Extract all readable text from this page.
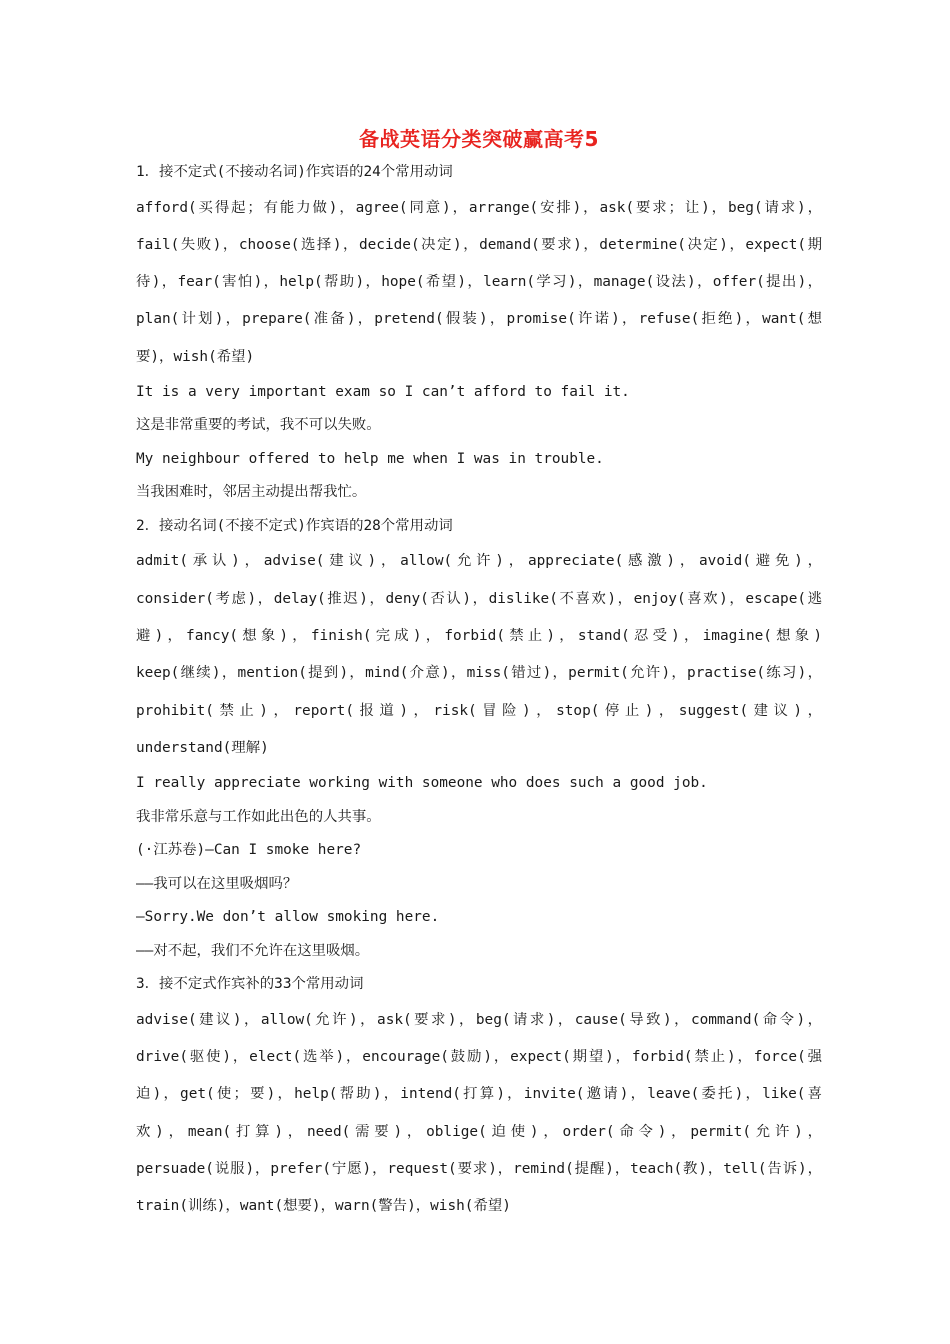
备战英语分类突破赢高考5

1．接不定式(不接动名词)作宾语的24个常用动词

afford(买得起；有能力做)，agree(同意)，arrange(安排)，ask(要求；让)，beg(请求)，

fail(失败)，choose(选择)，decide(决定)，demand(要求)，determine(决定)，expect(期

待)，fear(害怕)，help(帮助)，hope(希望)，learn(学习)，manage(设法)，offer(提出)，

plan(计划)，prepare(准备)，pretend(假装)，promise(许诺)，refuse(拒绝)，want(想

要)，wish(希望)

It is a very important exam so I can’t afford to fail it.

这是非常重要的考试，我不可以失败。

My neighbour offered to help me when I was in trouble.

当我困难时，邻居主动提出帮我忙。

2．接动名词(不接不定式)作宾语的28个常用动词

admit(承认)，advise(建议)，allow(允许)，appreciate(感激)，avoid(避免)，

consider(考虑)，delay(推迟)，deny(否认)，dislike(不喜欢)，enjoy(喜欢)，escape(逃

避)，fancy(想象)，finish(完成)，forbid(禁止)，stand(忍受)，imagine(想象)

keep(继续)，mention(提到)，mind(介意)，miss(错过)，permit(允许)，practise(练习)，

prohibit(禁止)，report(报道)，risk(冒险)，stop(停止)，suggest(建议)，

understand(理解)

I really appreciate working with someone who does such a good job.

我非常乐意与工作如此出色的人共事。

(·江苏卷)—Can I smoke here?

——我可以在这里吸烟吗？

—Sorry.We don’t allow smoking here.

——对不起，我们不允许在这里吸烟。

3．接不定式作宾补的33个常用动词

advise(建议)，allow(允许)，ask(要求)，beg(请求)，cause(导致)，command(命令)，

drive(驱使)，elect(选举)，encourage(鼓励)，expect(期望)，forbid(禁止)，force(强

迫)，get(使；要)，help(帮助)，intend(打算)，invite(邀请)，leave(委托)，like(喜

欢)，mean(打算)，need(需要)，oblige(迫使)，order(命令)，permit(允许)，

persuade(说服)，prefer(宁愿)，request(要求)，remind(提醒)，teach(教)，tell(告诉)，

train(训练)，want(想要)，warn(警告)，wish(希望)
